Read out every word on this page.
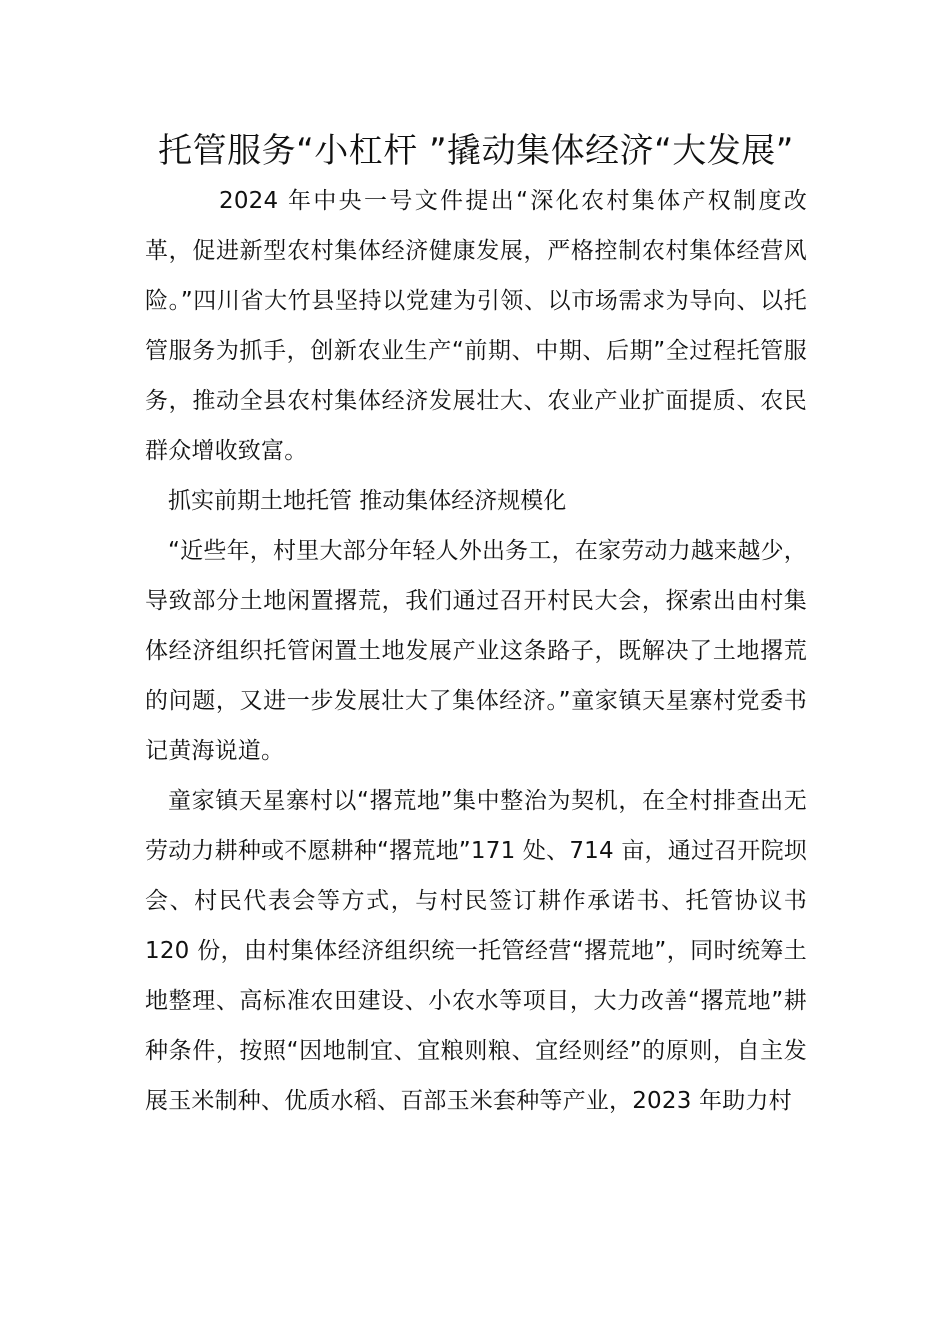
托管服务“小杠杆 ”撬动集体经济“大发展”

2024 年中央一号文件提出“深化农村集体产权制度改革，促进新型农村集体经济健康发展，严格控制农村集体经营风险。”四川省大竹县坚持以党建为引领、以市场需求为导向、以托管服务为抓手，创新农业生产“前期、中期、后期”全过程托管服务，推动全县农村集体经济发展壮大、农业产业扩面提质、农民群众增收致富。

抓实前期土地托管 推动集体经济规模化

“近些年，村里大部分年轻人外出务工，在家劳动力越来越少，导致部分土地闲置撂荒，我们通过召开村民大会，探索出由村集体经济组织托管闲置土地发展产业这条路子，既解决了土地撂荒的问题，又进一步发展壮大了集体经济。”童家镇天星寨村党委书记黄海说道。

童家镇天星寨村以“撂荒地”集中整治为契机，在全村排查出无劳动力耕种或不愿耕种“撂荒地”171 处、714 亩，通过召开院坝会、村民代表会等方式，与村民签订耕作承诺书、托管协议书 120 份，由村集体经济组织统一托管经营“撂荒地”，同时统筹土地整理、高标准农田建设、小农水等项目，大力改善“撂荒地”耕种条件，按照“因地制宜、宜粮则粮、宜经则经”的原则，自主发展玉米制种、优质水稻、百部玉米套种等产业，2023 年助力村
